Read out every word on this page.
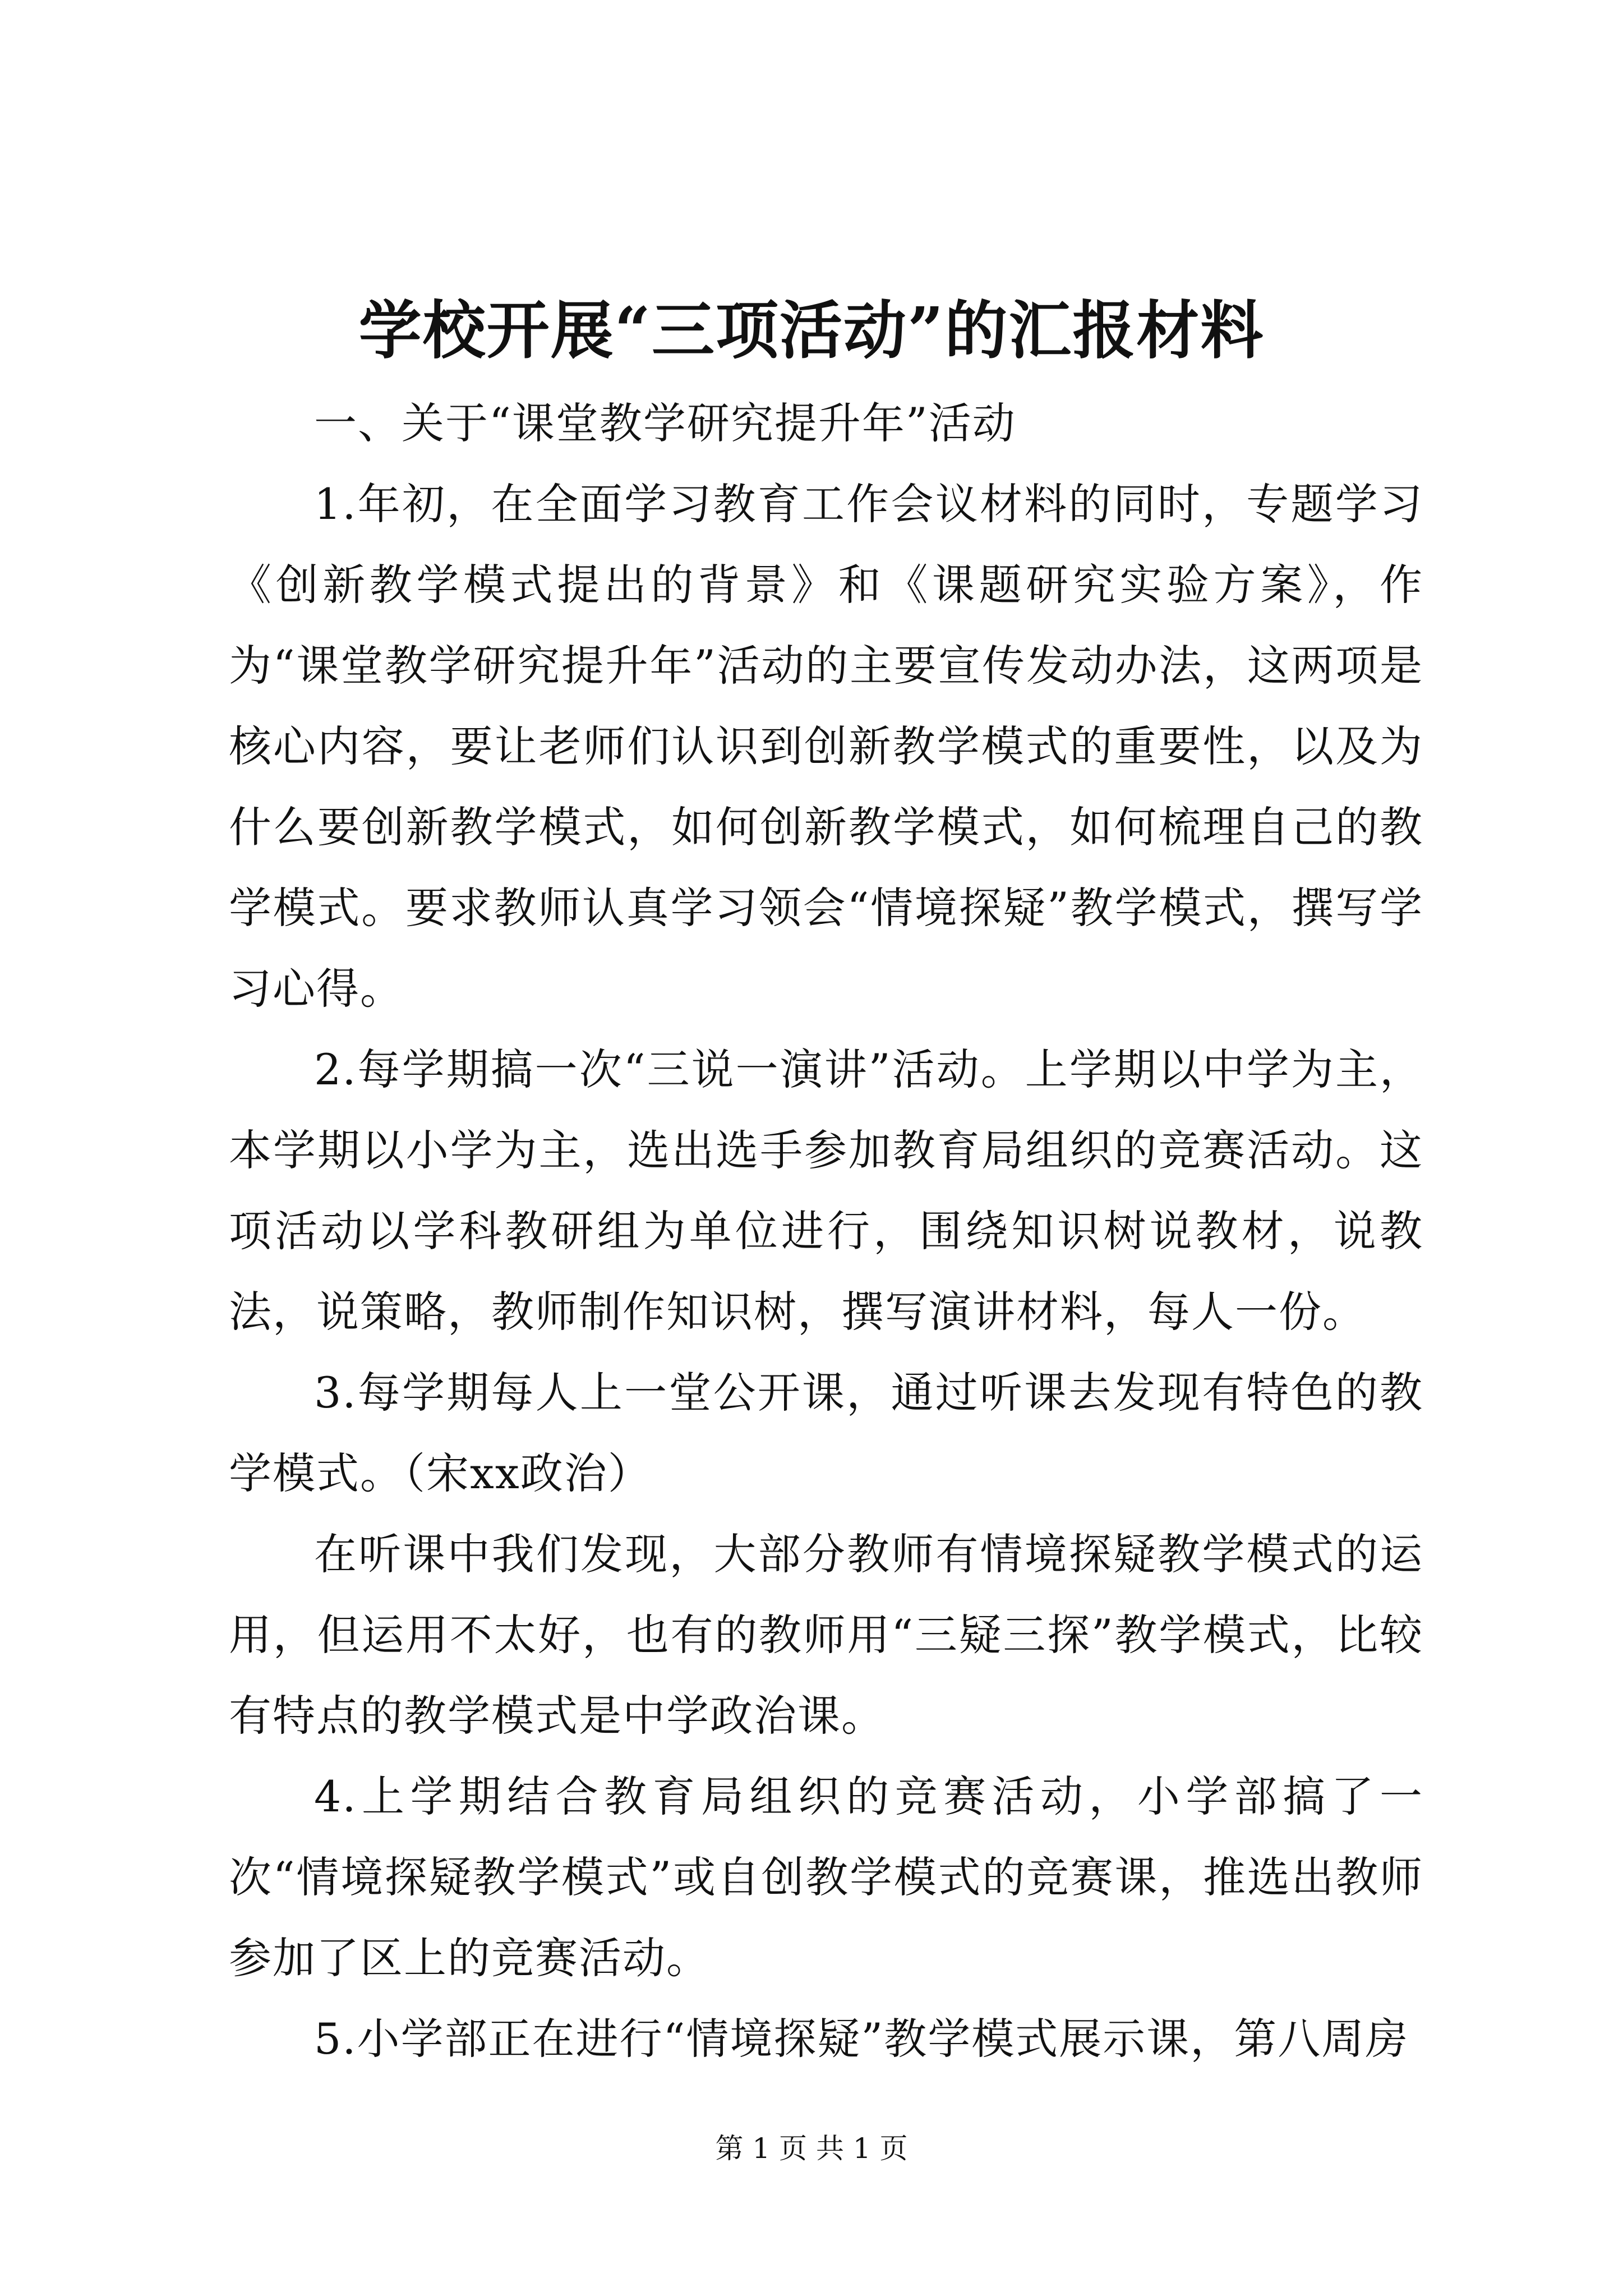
学校开展“三项活动”的汇报材料

一、关于“课堂教学研究提升年”活动

1.年初，在全面学习教育工作会议材料的同时，专题学习《创新教学模式提出的背景》和《课题研究实验方案》，作为“课堂教学研究提升年”活动的主要宣传发动办法，这两项是核心内容，要让老师们认识到创新教学模式的重要性，以及为什么要创新教学模式，如何创新教学模式，如何梳理自己的教学模式。要求教师认真学习领会“情境探疑”教学模式，撰写学习心得。

2.每学期搞一次“三说一演讲”活动。上学期以中学为主，本学期以小学为主，选出选手参加教育局组织的竞赛活动。这项活动以学科教研组为单位进行，围绕知识树说教材，说教法，说策略，教师制作知识树，撰写演讲材料，每人一份。

3.每学期每人上一堂公开课，通过听课去发现有特色的教学模式。（宋xx政治）

在听课中我们发现，大部分教师有情境探疑教学模式的运用，但运用不太好，也有的教师用“三疑三探”教学模式，比较有特点的教学模式是中学政治课。

4.上学期结合教育局组织的竞赛活动，小学部搞了一次“情境探疑教学模式”或自创教学模式的竞赛课，推选出教师参加了区上的竞赛活动。

5.小学部正在进行“情境探疑”教学模式展示课，第八周房

第 1 页 共 1 页
